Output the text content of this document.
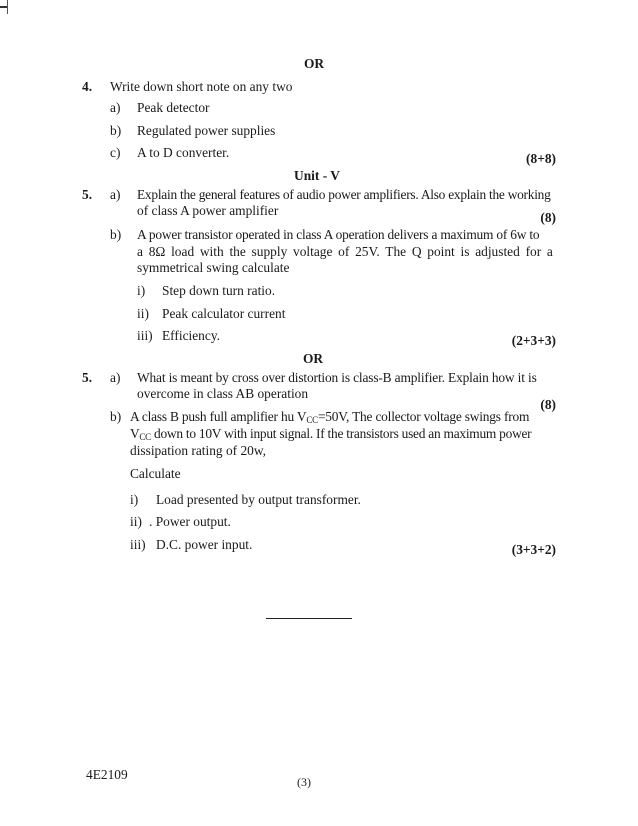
OR
4. Write down short note on any two
a) Peak detector
b) Regulated power supplies
c) A to D converter.	(8+8)
Unit - V
5. a) Explain the general features of audio power amplifiers. Also explain the working
of class A power amplifier	(8)
b) A power transistor operated in class A operation delivers a maximum of 6w to
a 8Ω load with the supply voltage of 25V. The Q point is adjusted for a
symmetrical swing calculate
i) Step down turn ratio.
ii) Peak calculator current
iii) Efficiency.	(2+3+3)
OR
5. a) What is meant by cross over distortion is class-B amplifier. Explain how it is
overcome in class AB operation
(8)
b) A class B push full amplifier hu $V_{CC}=50V$, The collector voltage swings from
$V_{CC}$ down to 10V with input signal. If the transistors used an maximum power
dissipation rating of 20w,
Calculate
i) Load presented by output transformer.
ii) . Power output.
iii) D.C. power input.	(3+3+2)
4E2109	(3)
